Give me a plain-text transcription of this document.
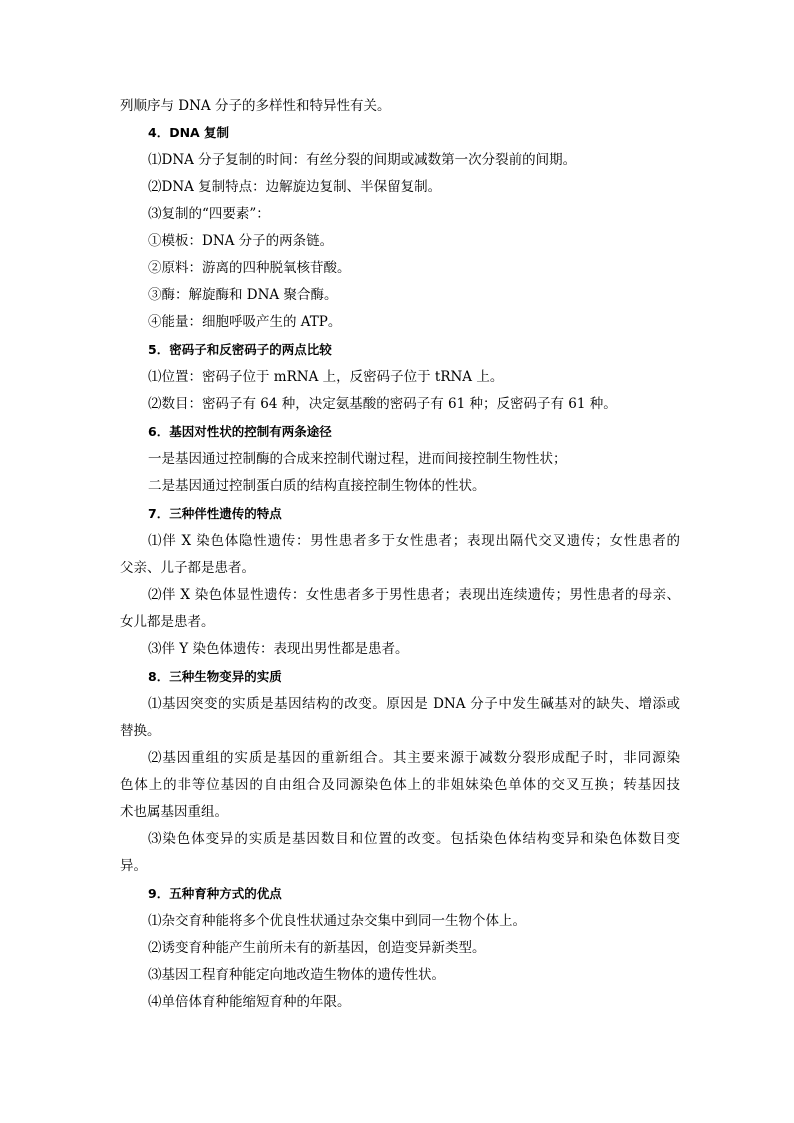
列顺序与 DNA 分子的多样性和特异性有关。
4．DNA 复制
⑴DNA 分子复制的时间：有丝分裂的间期或减数第一次分裂前的间期。
⑵DNA 复制特点：边解旋边复制、半保留复制。
⑶复制的“四要素”：
①模板：DNA 分子的两条链。
②原料：游离的四种脱氧核苷酸。
③酶：解旋酶和 DNA 聚合酶。
④能量：细胞呼吸产生的 ATP。
5．密码子和反密码子的两点比较
⑴位置：密码子位于 mRNA 上，反密码子位于 tRNA 上。
⑵数目：密码子有 64 种，决定氨基酸的密码子有 61 种；反密码子有 61 种。
6．基因对性状的控制有两条途径
一是基因通过控制酶的合成来控制代谢过程，进而间接控制生物性状；
二是基因通过控制蛋白质的结构直接控制生物体的性状。
7．三种伴性遗传的特点
⑴伴 X 染色体隐性遗传：男性患者多于女性患者；表现出隔代交叉遗传；女性患者的
父亲、儿子都是患者。
⑵伴 X 染色体显性遗传：女性患者多于男性患者；表现出连续遗传；男性患者的母亲、
女儿都是患者。
⑶伴 Y 染色体遗传：表现出男性都是患者。
8．三种生物变异的实质
⑴基因突变的实质是基因结构的改变。原因是 DNA 分子中发生碱基对的缺失、增添或
替换。
⑵基因重组的实质是基因的重新组合。其主要来源于减数分裂形成配子时，非同源染
色体上的非等位基因的自由组合及同源染色体上的非姐妹染色单体的交叉互换；转基因技
术也属基因重组。
⑶染色体变异的实质是基因数目和位置的改变。包括染色体结构变异和染色体数目变
异。
9．五种育种方式的优点
⑴杂交育种能将多个优良性状通过杂交集中到同一生物个体上。
⑵诱变育种能产生前所未有的新基因，创造变异新类型。
⑶基因工程育种能定向地改造生物体的遗传性状。
⑷单倍体育种能缩短育种的年限。
